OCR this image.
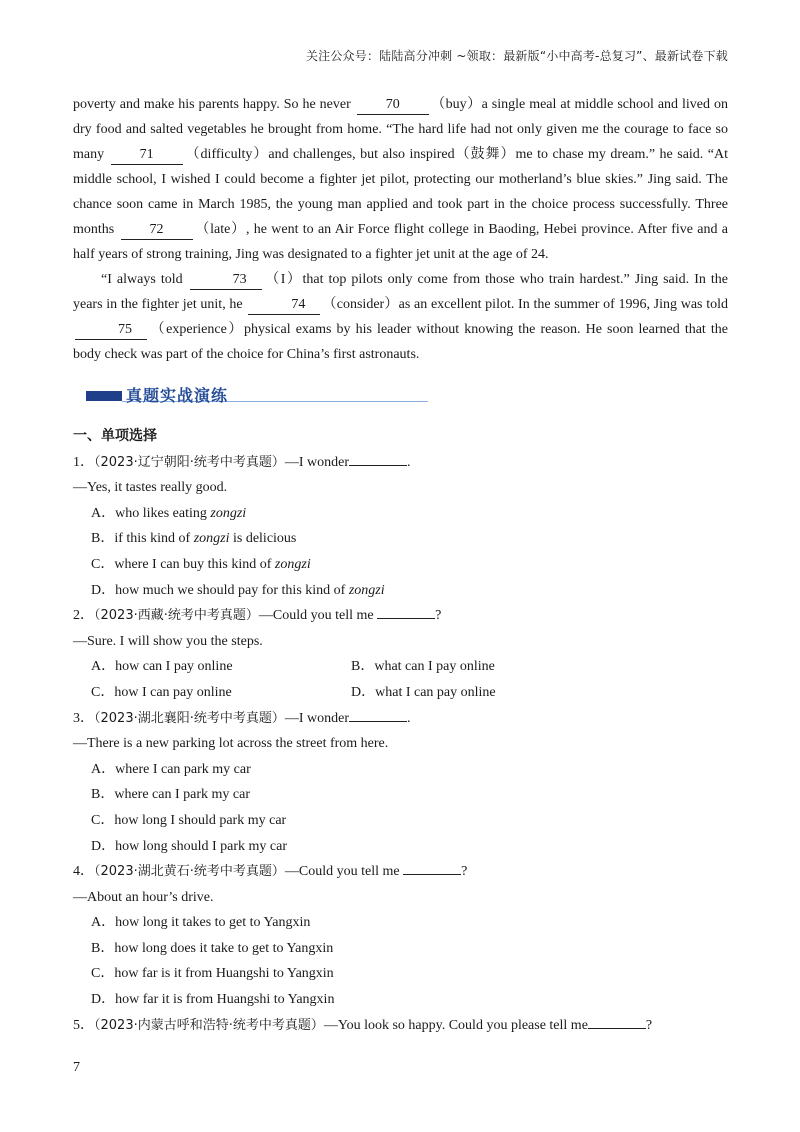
关注公众号：陆陆高分冲刺 ~领取：最新版“小中高考-总复习”、最新试卷下载

poverty and make his parents happy. So he never 70 （buy）a single meal at middle school and lived on dry food and salted vegetables he brought from home. “The hard life had not only given me the courage to face so many 71 （difficulty）and challenges, but also inspired（鼓舞）me to chase my dream.” he said. “At middle school, I wished I could become a fighter jet pilot, protecting our motherland’s blue skies.” Jing said. The chance soon came in March 1985, the young man applied and took part in the choice process successfully. Three months 72 （late）, he went to an Air Force flight college in Baoding, Hebei province. After five and a half years of strong training, Jing was designated to a fighter jet unit at the age of 24.

“I always told	73 （I）that top pilots only come from those who train hardest.” Jing said. In the years in the fighter jet unit, he	74 （consider）as an excellent pilot. In the summer of 1996, Jing was told 75 （experience）physical exams by his leader without knowing the reason. He soon learned that the body check was part of the choice for China’s first astronauts.

真题实战演练
一、单项选择
1．（2023·辽宁朝阳·统考中考真题）—I wonder	.
—Yes, it tastes really good.
A．who likes eating zongzi
B．if this kind of zongzi is delicious
C．where I can buy this kind of zongzi
D．how much we should pay for this kind of zongzi
2．（2023·西藏·统考中考真题）—Could you tell me	?
—Sure. I will show you the steps.
A．how can I pay online	B．what can I pay online
C．how I can pay online	D．what I can pay online
3．（2023·湖北襄阳·统考中考真题）—I wonder	.
—There is a new parking lot across the street from here.
A．where I can park my car
B．where can I park my car
C．how long I should park my car
D．how long should I park my car
4．（2023·湖北黄石·统考中考真题）—Could you tell me	?
—About an hour’s drive.
A．how long it takes to get to Yangxin
B．how long does it take to get to Yangxin
C．how far is it from Huangshi to Yangxin
D．how far it is from Huangshi to Yangxin
5．（2023·内蒙古呼和浩特·统考中考真题）—You look so happy. Could you please tell me	?
7
